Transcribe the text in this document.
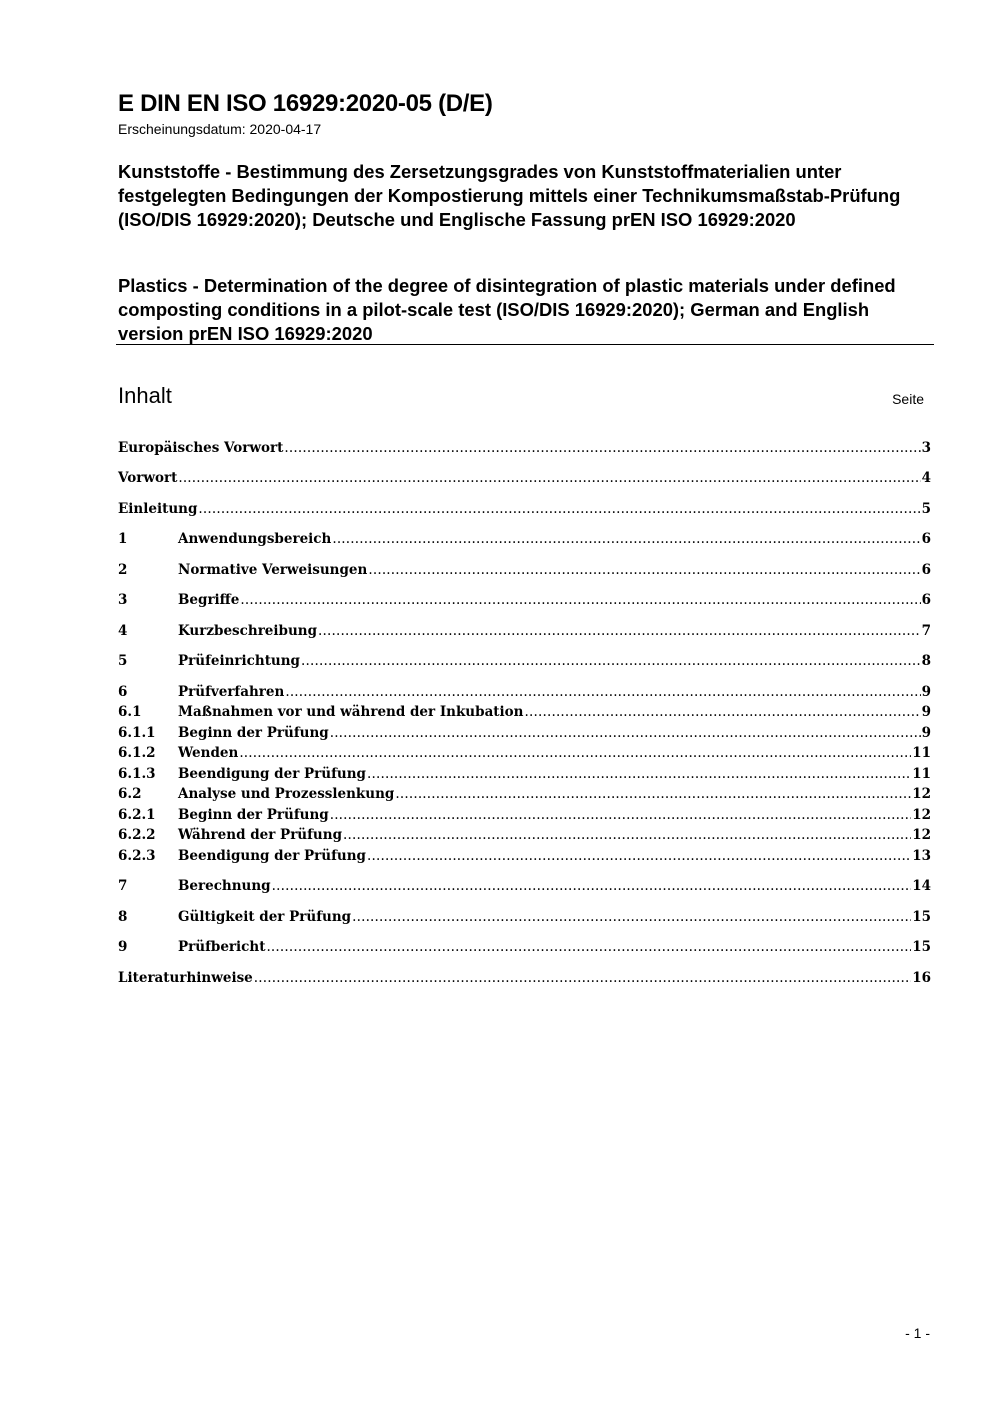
E DIN EN ISO 16929:2020-05 (D/E)
Erscheinungsdatum: 2020-04-17
Kunststoffe - Bestimmung des Zersetzungsgrades von Kunststoffmaterialien unter festgelegten Bedingungen der Kompostierung mittels einer Technikumsmaßstab-Prüfung (ISO/DIS 16929:2020); Deutsche und Englische Fassung prEN ISO 16929:2020
Plastics - Determination of the degree of disintegration of plastic materials under defined composting conditions in a pilot-scale test (ISO/DIS 16929:2020); German and English version prEN ISO 16929:2020
Inhalt	Seite
Europäisches Vorwort .....	3
Vorwort .....	4
Einleitung .....	5
1	Anwendungsbereich .....	6
2	Normative Verweisungen .....	6
3	Begriffe .....	6
4	Kurzbeschreibung .....	7
5	Prüfeinrichtung .....	8
6	Prüfverfahren .....	9
6.1	Maßnahmen vor und während der Inkubation .....	9
6.1.1	Beginn der Prüfung .....	9
6.1.2	Wenden .....	11
6.1.3	Beendigung der Prüfung .....	11
6.2	Analyse und Prozesslenkung .....	12
6.2.1	Beginn der Prüfung .....	12
6.2.2	Während der Prüfung .....	12
6.2.3	Beendigung der Prüfung .....	13
7	Berechnung .....	14
8	Gültigkeit der Prüfung .....	15
9	Prüfbericht .....	15
Literaturhinweise .....	16
- 1 -
